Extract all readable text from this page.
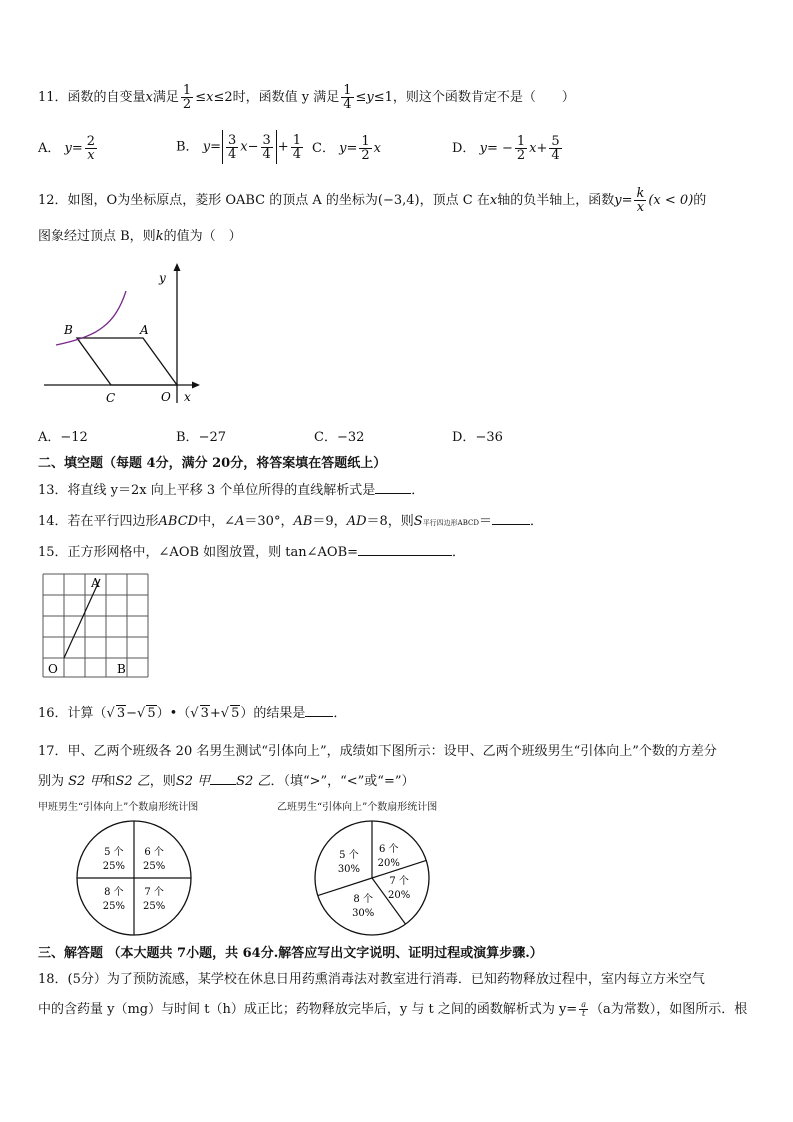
11．函数的自变量x满足 $\frac{1}{2} \le x\le 2$时，函数值 y 满足 $\frac{1}{4} \le y\le 1$，则这个函数肯定不是（　　）
A． $y= \frac{2}{x}$	B． $y= \frac{3}{4} x- \frac{3}{4} + \frac{1}{4}$ C． $y= \frac{1}{2}$ x	D． $y= - \frac{1}{2} x+ \frac{5}{4}$
12．如图，O为坐标原点，菱形 OABC 的顶点 A 的坐标为(−3,4)，顶点 C 在x轴的负半轴上，函数$y= \frac{k}{x} (x < 0)$的
图象经过顶点 B，则k的值为（　）
y
x
O
A
B
C
A．−12	B．−27	C．−32	D．−36
二、填空题（每题 4分，满分 20分，将答案填在答题纸上）
13．将直线 y＝2x 向上平移 3 个单位所得的直线解析式是	．
14．若在平行四边形ABCD中，∠A＝30°，AB＝9，AD＝8，则S平行四边形ABCD＝	．
15．正方形网格中，∠AOB 如图放置，则 tan∠AOB=	．
A
O	B
16．计算（√ 3−√ 5）•（√ 3+√ 5）的结果是 ．
17．甲、乙两个班级各 20 名男生测试“引体向上”，成绩如下图所示：设甲、乙两个班级男生“引体向上”个数的方差分
别为 S2 甲和S2 乙，则S2 甲 S2 乙．（填“>”，“<”或“=”）
甲班男生“引体向上”个数扇形统计图	乙班男生“引体向上”个数扇形统计图
6 个
25%
7 个
25%
8 个
25%
5 个
25%
6 个
20%
7 个
20%
8 个
30%
5 个
30%
三、解答题 （本大题共 7小题，共 64分.解答应写出文字说明、证明过程或演算步骤.）
18．(5分）为了预防流感，某学校在休息日用药熏消毒法对教室进行消毒．已知药物释放过程中，室内每立方米空气
中的含药量 y（mg）与时间 t（h）成正比；药物释放完毕后，y 与 t 之间的函数解析式为 $y= \frac{a}{t} (a$为常数），如图所示．根
